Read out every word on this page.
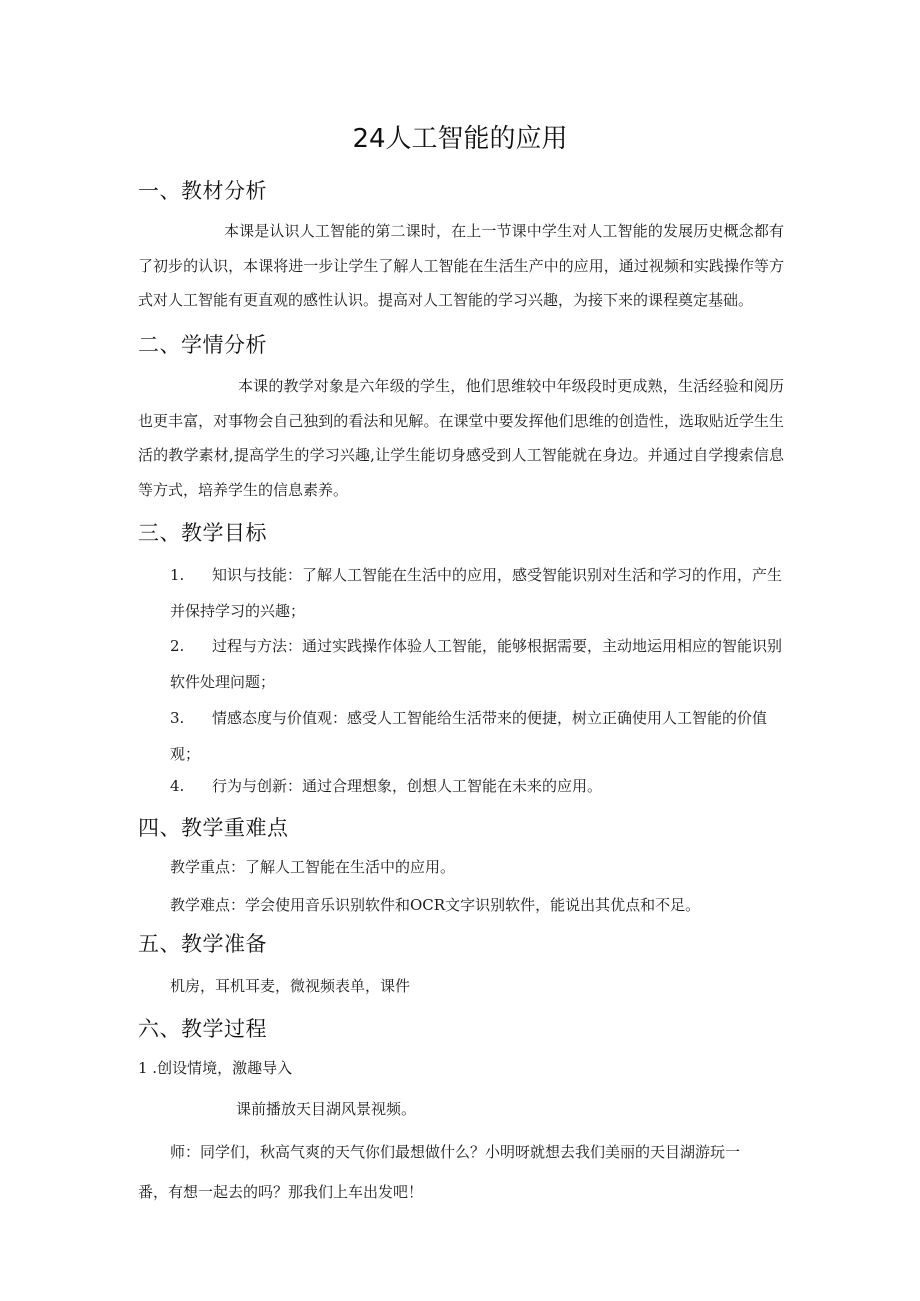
24人工智能的应用
一、教材分析
本课是认识人工智能的第二课时，在上一节课中学生对人工智能的发展历史概念都有了初步的认识，本课将进一步让学生了解人工智能在生活生产中的应用，通过视频和实践操作等方式对人工智能有更直观的感性认识。提高对人工智能的学习兴趣，为接下来的课程奠定基础。
二、学情分析
本课的教学对象是六年级的学生，他们思维较中年级段时更成熟，生活经验和阅历也更丰富，对事物会自己独到的看法和见解。在课堂中要发挥他们思维的创造性，选取贴近学生生活的教学素材,提高学生的学习兴趣,让学生能切身感受到人工智能就在身边。并通过自学搜索信息等方式，培养学生的信息素养。
三、教学目标
1. 知识与技能：了解人工智能在生活中的应用，感受智能识别对生活和学习的作用，产生并保持学习的兴趣；
2. 过程与方法：通过实践操作体验人工智能，能够根据需要，主动地运用相应的智能识别软件处理问题；
3. 情感态度与价值观：感受人工智能给生活带来的便捷，树立正确使用人工智能的价值观；
4. 行为与创新：通过合理想象，创想人工智能在未来的应用。
四、教学重难点
教学重点：了解人工智能在生活中的应用。
教学难点：学会使用音乐识别软件和OCR文字识别软件，能说出其优点和不足。
五、教学准备
机房，耳机耳麦，微视频表单，课件
六、教学过程
1 .创设情境，激趣导入
课前播放天目湖风景视频。
师：同学们，秋高气爽的天气你们最想做什么？小明呀就想去我们美丽的天目湖游玩一
番，有想一起去的吗？那我们上车出发吧！
